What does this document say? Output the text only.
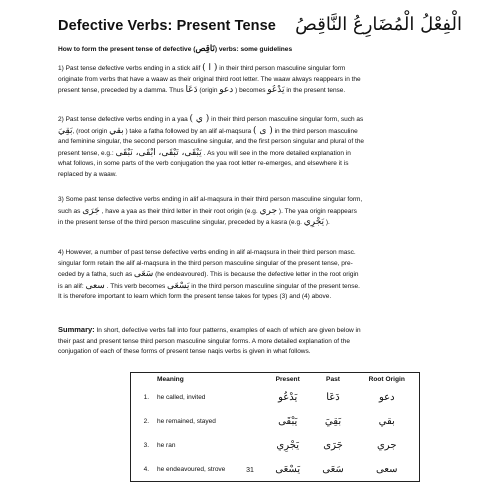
Defective Verbs: Present Tense الْفِعْلُ الْمُضَارِعُ النَّاقِصُ
How to form the present tense of defective (نَاقِص) verbs: some guidelines

1) Past tense defective verbs ending in a stick alif ( ا ) in their third person masculine singular form

originate from verbs that have a waaw as their original third root letter. The waaw always reappears in the

present tense, preceded by a damma. Thus دَعَا (origin دعو ) becomes يَدْعُو in the present tense.

2) Past tense defective verbs ending in a yaa ( ي ) in their third person masculine singular form, such as

بَقِيَ, (root origin بقي ) take a fatha followed by an alif al-maqsura ( ى ) in the third person masculine

and feminine singular, the second person masculine singular, and the first person singular and plural of the

present tense, e.g.: يَبْقَى، تَبْقَى، أَبْقَى، نَبْقَى . As you will see in the more detailed explanation in

what follows, in some parts of the verb conjugation the yaa root letter re-emerges, and elsewhere it is

replaced by a waaw.

3) Some past tense defective verbs ending in alif al-maqsura in their third person masculine singular form,

such as جَرَى , have a yaa as their third letter in their root origin (e.g. جري ). The yaa origin reappears

in the present tense of the third person masculine singular, preceded by a kasra (e.g. يَجْرِي ).

4) However, a number of past tense defective verbs ending in alif al-maqsura in their third person masc.

singular form retain the alif al-maqsura in the third person masculine singular of the present tense, pre-

ceded by a fatha, such as سَعَى (he endeavoured). This is because the defective letter in the root origin

is an alif: سعى . This verb becomes يَسْعَى in the third person masculine singular of the present tense.

It is therefore important to learn which form the present tense takes for types (3) and (4) above.

Summary: In short, defective verbs fall into four patterns, examples of each of which are given below in

their past and present tense third person masculine singular forms. A more detailed explanation of the

conjugation of each of these forms of present tense naqis verbs is given in what follows.

	Meaning	Present	Past	Root Origin
1.	he called, invited	يَدْعُو	دَعَا	دعو
2.	he remained, stayed	يَبْقَى	بَقِيَ	بقي
3.	he ran	يَجْرِي	جَرَى	جري
4.	he endeavoured, strove	يَسْعَى	سَعَى	سعى
31
